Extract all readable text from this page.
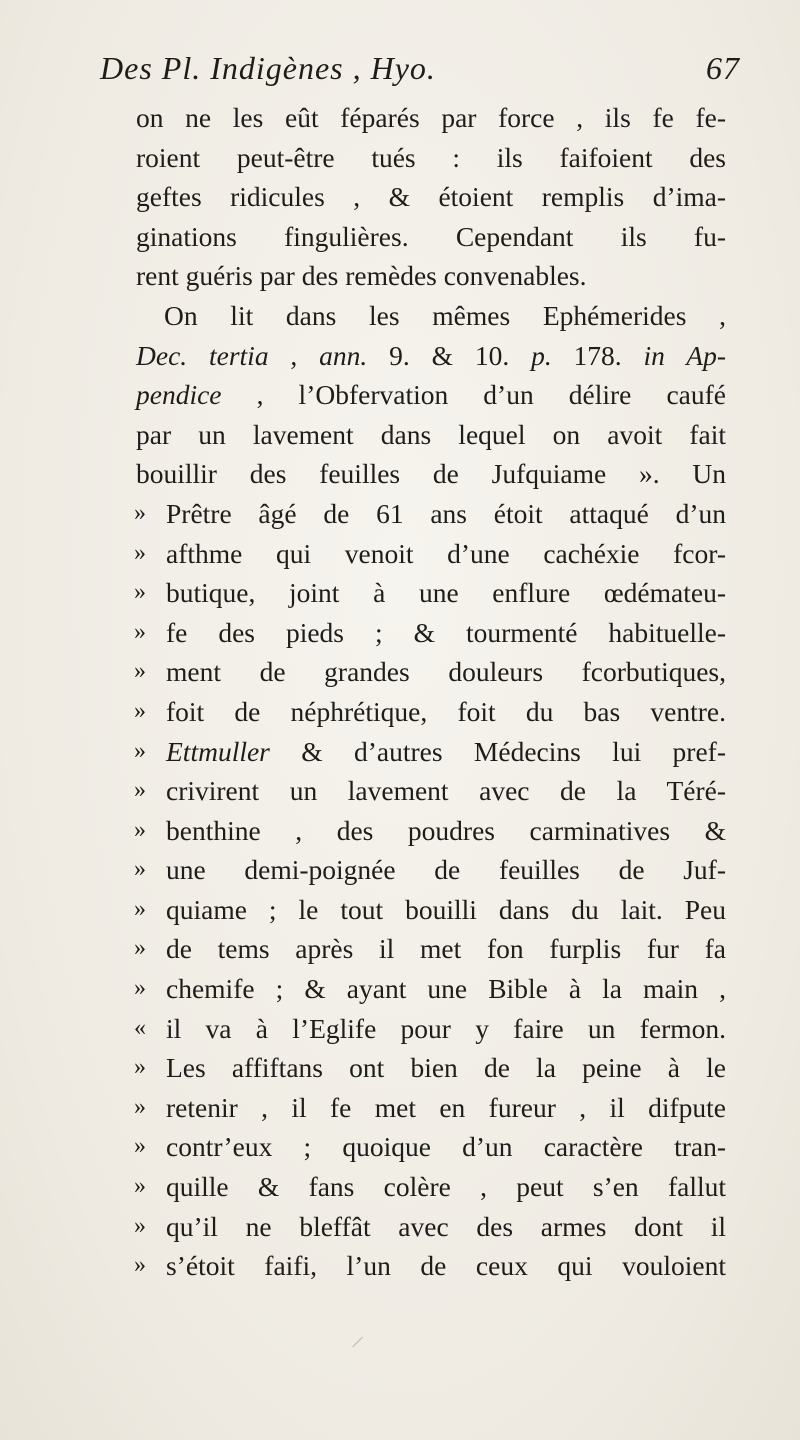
Des Pl. Indigènes , Hyo.	67
on ne les eût féparés par force , ils fe fe-
roient peut-être tués : ils faifoient des
geftes ridicules , & étoient remplis d’ima-
ginations fingulières. Cependant ils fu-
rent guéris par des remèdes convenables.
On lit dans les mêmes Ephémerides ,
Dec. tertia , ann. 9. & 10. p. 178. in Ap-
pendice , l’Obfervation d’un délire caufé
par un lavement dans lequel on avoit fait
bouillir des feuilles de Jufquiame ». Un
» Prêtre âgé de 61 ans étoit attaqué d’un
» afthme qui venoit d’une cachéxie fcor-
» butique, joint à une enflure œdémateu-
» fe des pieds ; & tourmenté habituelle-
» ment de grandes douleurs fcorbutiques,
» foit de néphrétique, foit du bas ventre.
» Ettmuller & d’autres Médecins lui pref-
» crivirent un lavement avec de la Téré-
» benthine , des poudres carminatives &
» une demi-poignée de feuilles de Juf-
» quiame ; le tout bouilli dans du lait. Peu
» de tems après il met fon furplis fur fa
» chemife ; & ayant une Bible à la main ,
« il va à l’Eglife pour y faire un fermon.
» Les affiftans ont bien de la peine à le
» retenir , il fe met en fureur , il difpute
» contr’eux ; quoique d’un caractère tran-
» quille & fans colère , peut s’en fallut
» qu’il ne bleffât avec des armes dont il
» s’étoit faifi, l’un de ceux qui vouloient
